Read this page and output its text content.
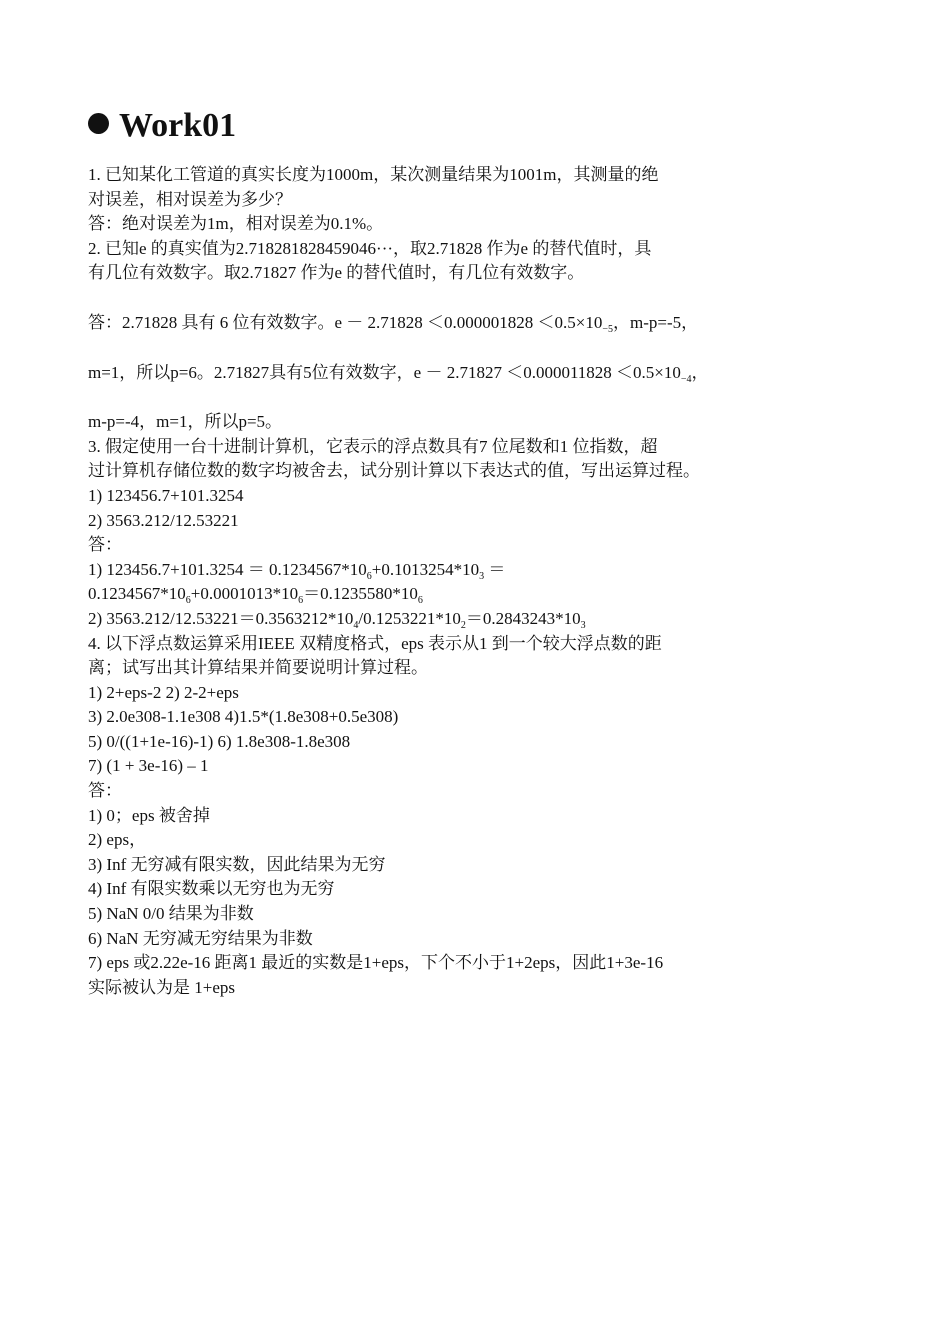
Work01
1. 已知某化工管道的真实长度为1000m，某次测量结果为1001m，其测量的绝
对误差，相对误差为多少？
答：绝对误差为1m，相对误差为0.1%。
2. 已知e 的真实值为2.718281828459046···，取2.71828 作为e 的替代值时，具
有几位有效数字。取2.71827 作为e 的替代值时，有几位有效数字。
答：2.71828 具有 6 位有效数字。$e - 2.71828 <0.000001828 <0.5\times 10_{-5}$，m-p=-5，
m=1，所以p=6。2.71827具有5位有效数字，$e - 2.71827 <0.000011828 <0.5\times 10_{-4}$，
m-p=-4，m=1，所以p=5。
3. 假定使用一台十进制计算机，它表示的浮点数具有7 位尾数和1 位指数，超
过计算机存储位数的数字均被舍去，试分别计算以下表达式的值，写出运算过程。
1) 123456.7+101.3254
2) 3563.212/12.53221
答：
1) $123456.7+101.3254 = 0.1234567*10_6+0.1013254*10_3$ ＝
$0.1234567*10_6+0.0001013*10_6=0.1235580*10_6$
2) $3563.212/12.53221=0.3563212*10_4/0.1253221*10_2=0.2843243*10_3$
4. 以下浮点数运算采用IEEE 双精度格式，eps 表示从1 到一个较大浮点数的距
离；试写出其计算结果并简要说明计算过程。
1) 2+eps-2 2) 2-2+eps
3) 2.0e308-1.1e308 4)1.5*(1.8e308+0.5e308)
5) 0/((1+1e-16)-1) 6) 1.8e308-1.8e308
7) (1 + 3e-16) – 1
答：
1) 0；eps 被舍掉
2) eps，
3) Inf 无穷减有限实数，因此结果为无穷
4) Inf 有限实数乘以无穷也为无穷
5) NaN 0/0 结果为非数
6) NaN 无穷减无穷结果为非数
7) eps 或2.22e-16 距离1 最近的实数是1+eps，下个不小于1+2eps，因此1+3e-16
实际被认为是 1+eps
